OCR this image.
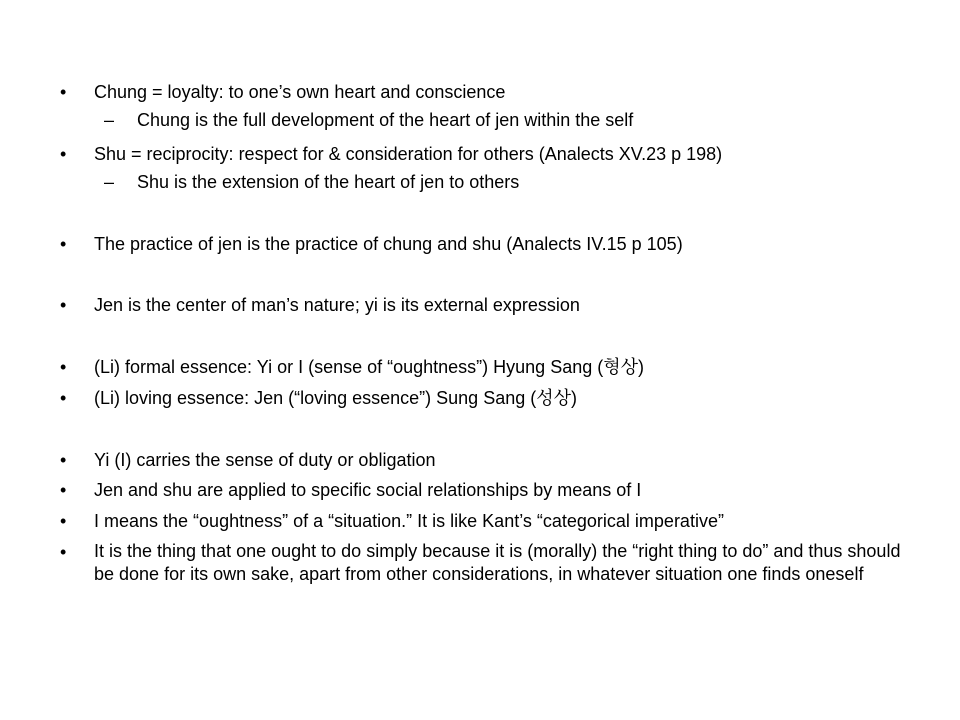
• Chung = loyalty: to one’s own heart and conscience
– Chung is the full development of the heart of jen within the self
• Shu = reciprocity: respect for & consideration for others (Analects XV.23 p 198)
– Shu is the extension of the heart of jen to others
• The practice of jen is the practice of chung and shu (Analects IV.15 p 105)
• Jen is the center of man’s nature; yi is its external expression
• (Li) formal essence: Yi or I (sense of “oughtness”) Hyung Sang (형상)
• (Li) loving essence: Jen (“loving essence”) Sung Sang (성상)
• Yi (I) carries the sense of duty or obligation
• Jen and shu are applied to specific social relationships by means of I
• I means the “oughtness” of a “situation.” It is like Kant’s “categorical imperative”
• It is the thing that one ought to do simply because it is (morally) the “right thing to do” and thus should be done for its own sake, apart from other considerations, in whatever situation one finds oneself
